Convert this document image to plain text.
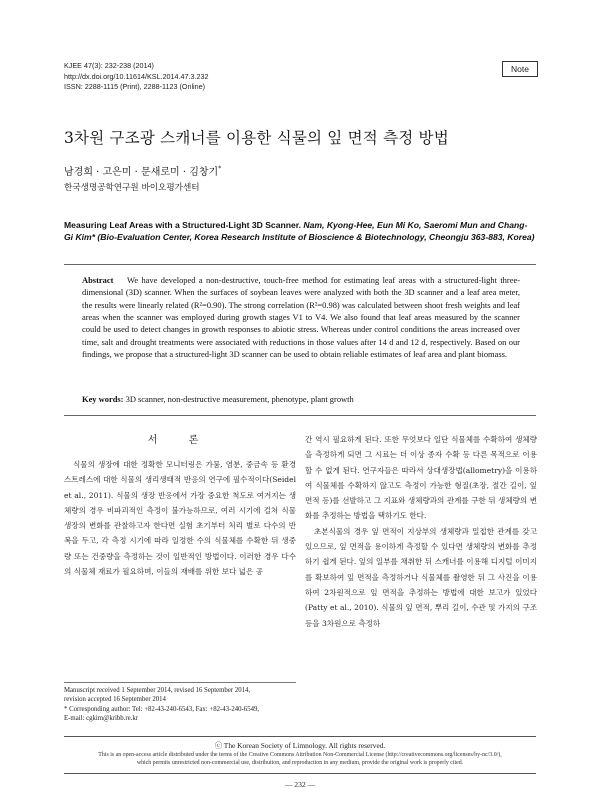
KJEE 47(3): 232-238 (2014)
http://dx.doi.org/10.11614/KSL.2014.47.3.232
ISSN: 2288-1115 (Print), 2288-1123 (Online)
Note
3차원 구조광 스캐너를 이용한 식물의 잎 면적 측정 방법
남경희 · 고은미 · 문새로미 · 김창기*
한국생명공학연구원 바이오평가센터
Measuring Leaf Areas with a Structured-Light 3D Scanner. Nam, Kyong-Hee, Eun Mi Ko, Saeromi Mun and Chang-Gi Kim* (Bio-Evaluation Center, Korea Research Institute of Bioscience & Biotechnology, Cheongju 363-883, Korea)
Abstract We have developed a non-destructive, touch-free method for estimating leaf areas with a structured-light three-dimensional (3D) scanner. When the surfaces of soybean leaves were analyzed with both the 3D scanner and a leaf area meter, the results were linearly related (R²=0.90). The strong correlation (R²=0.98) was calculated between shoot fresh weights and leaf areas when the scanner was employed during growth stages V1 to V4. We also found that leaf areas measured by the scanner could be used to detect changes in growth responses to abiotic stress. Whereas under control conditions the areas increased over time, salt and drought treatments were associated with reductions in those values after 14 d and 12 d, respectively. Based on our findings, we propose that a structured-light 3D scanner can be used to obtain reliable estimates of leaf area and plant biomass.
Key words: 3D scanner, non-destructive measurement, phenotype, plant growth
서 론
식물의 생장에 대한 정확한 모니터링은 가뭄, 염분, 중금속 등 환경 스트레스에 대한 식물의 생리생태적 반응의 연구에 필수적이다(Seidel et al., 2011). 식물의 생장 반응에서 가장 중요한 척도로 여겨지는 생체량의 경우 비파괴적인 측정이 불가능하므로, 여러 시기에 걸쳐 식물 생장의 변화를 관찰하고자 한다면 실험 초기부터 처리 별로 다수의 반복을 두고, 각 측정 시기에 따라 일정한 수의 식물체를 수확한 뒤 생중량 또는 건중량을 측정하는 것이 일반적인 방법이다. 이러한 경우 다수의 식물체 재료가 필요하며, 이들의 재배를 위한 보다 넓은 공

간 역시 필요하게 된다. 또한 무엇보다 일단 식물체를 수확하여 생체량을 측정하게 되면 그 시료는 더 이상 종자 수확 등 다른 목적으로 이용할 수 없게 된다. 연구자들은 따라서 상대생장법(allometry)을 이용하여 식물체를 수확하지 않고도 측정이 가능한 형질(초장, 절간 길이, 잎 면적 등)를 선발하고 그 지표와 생체량과의 관계를 구한 뒤 생체량의 변화를 추정하는 방법을 택하기도 한다.

초본식물의 경우 잎 면적이 지상부의 생체량과 밀접한 관계를 갖고 있으므로, 잎 면적을 용이하게 측정할 수 있다면 생체량의 변화를 추정하기 쉽게 된다. 잎의 일부를 채취한 뒤 스캐너를 이용해 디지털 이미지를 확보하여 잎 면적을 측정하거나 식물체를 촬영한 뒤 그 사진을 이용하여 2차원적으로 잎 면적을 추정하는 방법에 대한 보고가 있었다(Patty et al., 2010). 식물의 잎 면적, 뿌리 길이, 수관 및 가지의 구조 등을 3차원으로 측정하

Manuscript received 1 September 2014, revised 16 September 2014,
revision accepted 16 September 2014
* Corresponding author: Tel: +82-43-240-6543, Fax: +82-43-240-6549,
E-mail: cgkim@kribb.re.kr
ⓒ The Korean Society of Limnology. All rights reserved.
This is an open-access article distributed under the terms of the Creative Commons Attribution Non-Commercial License (http://creativecommons.org/licenses/by-nc/3.0/),
which permits unrestricted non-commercial use, distribution, and reproduction in any medium, provide the original work is properly cited.
— 232 —
